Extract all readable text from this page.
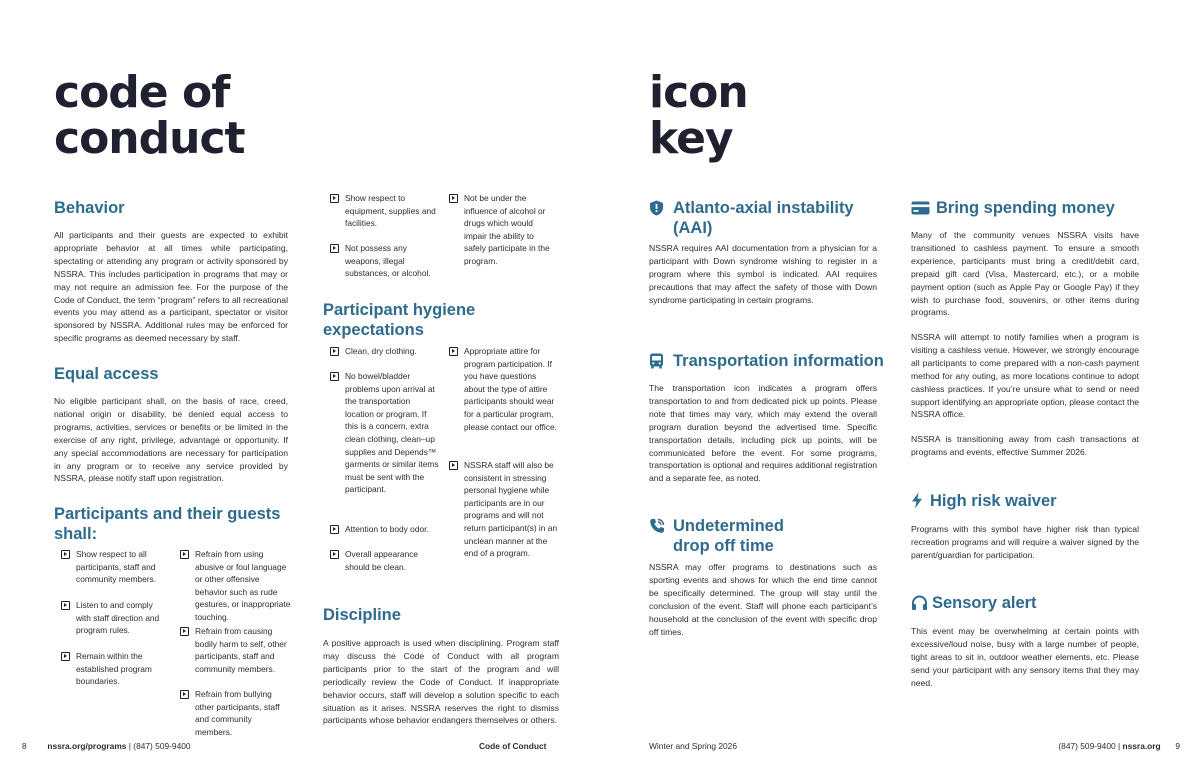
code of
conduct
Behavior
All participants and their guests are expected to exhibit appropriate behavior at all times while participating, spectating or attending any program or activity sponsored by NSSRA. This includes participation in programs that may or may not require an admission fee. For the purpose of the Code of Conduct, the term “program” refers to all recreational events you may attend as a participant, spectator or visitor sponsored by NSSRA. Additional rules may be enforced for specific programs as deemed necessary by staff.
Equal access
No eligible participant shall, on the basis of race, creed, national origin or disability, be denied equal access to programs, activities, services or benefits or be limited in the exercise of any right, privilege, advantage or opportunity. If any special accommodations are necessary for participation in any program or to receive any service provided by NSSRA, please notify staff upon registration.
Participants and their guests
shall:
Show respect to all participants, staff and community members.
Listen to and comply with staff direction and program rules.
Remain within the established program boundaries.
Refrain from using abusive or foul language or other offensive behavior such as rude gestures, or inappropriate touching.
Refrain from causing bodily harm to self, other participants, staff and community members.
Refrain from bullying other participants, staff and community members.
Show respect to equipment, supplies and facilities.
Not possess any weapons, illegal substances, or alcohol.
Not be under the influence of alcohol or drugs which would impair the ability to safely participate in the program.
Participant hygiene
expectations
Clean, dry clothing.
No bowel/bladder problems upon arrival at the transportation location or program. If this is a concern, extra clean clothing, clean–up supplies and Depends™ garments or similar items must be sent with the participant.
Attention to body odor.
Overall appearance should be clean.
Appropriate attire for program participation. If you have questions about the type of attire participants should wear for a particular program, please contact our office.
NSSRA staff will also be consistent in stressing personal hygiene while participants are in our programs and will not return participant(s) in an unclean manner at the end of a program.
Discipline
A positive approach is used when disciplining. Program staff may discuss the Code of Conduct with all program participants prior to the start of the program and will periodically review the Code of Conduct. If inappropriate behavior occurs, staff will develop a solution specific to each situation as it arises. NSSRA reserves the right to dismiss participants whose behavior endangers themselves or others.
8 nssra.org/programs | (847) 509-9400	Code of Conduct
icon
key
Atlanto-axial instability
(AAI)
NSSRA requires AAI documentation from a physician for a participant with Down syndrome wishing to register in a program where this symbol is indicated. AAI requires precautions that may affect the safety of those with Down syndrome participating in certain programs.
Transportation information
The transportation icon indicates a program offers transportation to and from dedicated pick up points. Please note that times may vary, which may extend the overall program duration beyond the advertised time. Specific transportation details, including pick up points, will be communicated before the event. For some programs, transportation is optional and requires additional registration and a separate fee, as noted.
Undetermined
drop off time
NSSRA may offer programs to destinations such as sporting events and shows for which the end time cannot be specifically determined. The group will stay until the conclusion of the event. Staff will phone each participant’s household at the conclusion of the event with specific drop off times.
Bring spending money
Many of the community venues NSSRA visits have transitioned to cashless payment. To ensure a smooth experience, participants must bring a credit/debit card, prepaid gift card (Visa, Mastercard, etc.), or a mobile payment option (such as Apple Pay or Google Pay) if they wish to purchase food, souvenirs, or other items during programs.
NSSRA will attempt to notify families when a program is visiting a cashless venue. However, we strongly encourage all participants to come prepared with a non-cash payment method for any outing, as more locations continue to adopt cashless practices. If you’re unsure what to send or need support identifying an appropriate option, please contact the NSSRA office.
NSSRA is transitioning away from cash transactions at programs and events, effective Summer 2026.
High risk waiver
Programs with this symbol have higher risk than typical recreation programs and will require a waiver signed by the parent/guardian for participation.
Sensory alert
This event may be overwhelming at certain points with excessive/loud noise, busy with a large number of people, tight areas to sit in, outdoor weather elements, etc. Please send your participant with any sensory items that they may need.
Winter and Spring 2026	(847) 509-9400 | nssra.org 9
